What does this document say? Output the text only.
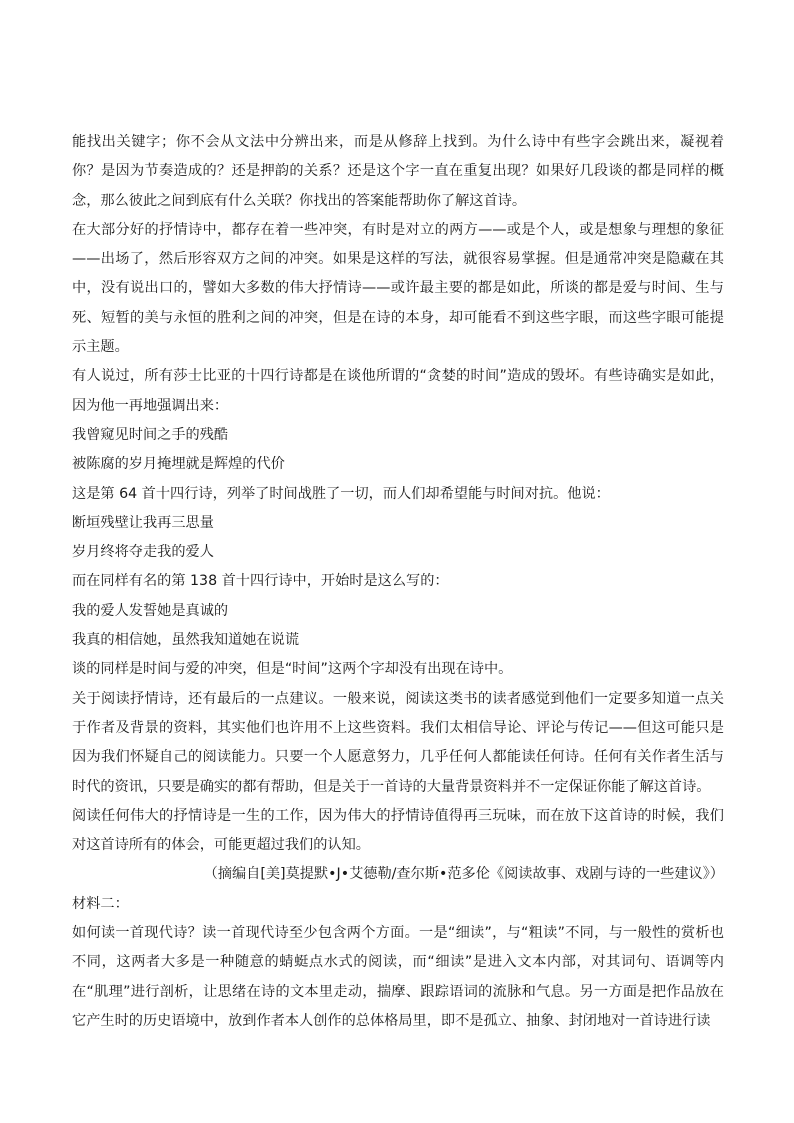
能找出关键字；你不会从文法中分辨出来，而是从修辞上找到。为什么诗中有些字会跳出来，凝视着你？是因为节奏造成的？还是押韵的关系？还是这个字一直在重复出现？如果好几段谈的都是同样的概念，那么彼此之间到底有什么关联？你找出的答案能帮助你了解这首诗。

在大部分好的抒情诗中，都存在着一些冲突，有时是对立的两方——或是个人，或是想象与理想的象征——出场了，然后形容双方之间的冲突。如果是这样的写法，就很容易掌握。但是通常冲突是隐藏在其中，没有说出口的，譬如大多数的伟大抒情诗——或许最主要的都是如此，所谈的都是爱与时间、生与死、短暂的美与永恒的胜利之间的冲突，但是在诗的本身，却可能看不到这些字眼，而这些字眼可能提示主题。

有人说过，所有莎士比亚的十四行诗都是在谈他所谓的“贪婪的时间”造成的毁坏。有些诗确实是如此，因为他一再地强调出来：

我曾窥见时间之手的残酷

被陈腐的岁月掩埋就是辉煌的代价

这是第 64 首十四行诗，列举了时间战胜了一切，而人们却希望能与时间对抗。他说：

断垣残壁让我再三思量

岁月终将夺走我的爱人

而在同样有名的第 138 首十四行诗中，开始时是这么写的：

我的爱人发誓她是真诚的

我真的相信她，虽然我知道她在说谎

谈的同样是时间与爱的冲突，但是“时间”这两个字却没有出现在诗中。

关于阅读抒情诗，还有最后的一点建议。一般来说，阅读这类书的读者感觉到他们一定要多知道一点关于作者及背景的资料，其实他们也许用不上这些资料。我们太相信导论、评论与传记——但这可能只是因为我们怀疑自己的阅读能力。只要一个人愿意努力，几乎任何人都能读任何诗。任何有关作者生活与时代的资讯，只要是确实的都有帮助，但是关于一首诗的大量背景资料并不一定保证你能了解这首诗。

阅读任何伟大的抒情诗是一生的工作，因为伟大的抒情诗值得再三玩味，而在放下这首诗的时候，我们对这首诗所有的体会，可能更超过我们的认知。

（摘编自[美]莫提默•J•艾德勒/查尔斯•范多伦《阅读故事、戏剧与诗的一些建议》）

材料二：

如何读一首现代诗？读一首现代诗至少包含两个方面。一是“细读”，与“粗读”不同，与一般性的赏析也不同，这两者大多是一种随意的蜻蜓点水式的阅读，而“细读”是进入文本内部，对其词句、语调等内在“肌理”进行剖析，让思绪在诗的文本里走动，揣摩、跟踪语词的流脉和气息。另一方面是把作品放在它产生时的历史语境中，放到作者本人创作的总体格局里，即不是孤立、抽象、封闭地对一首诗进行读
